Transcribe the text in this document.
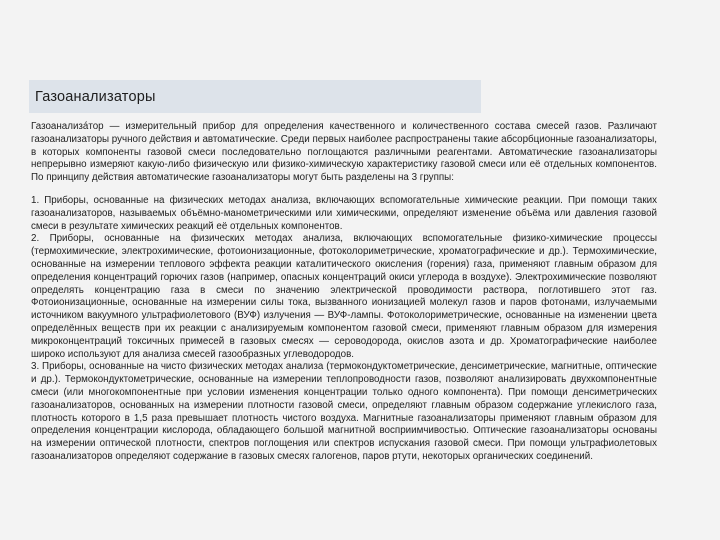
Газоанализаторы

Газоанализа́тор — измерительный прибор для определения качественного и количественного состава смесей газов. Различают газоанализаторы ручного действия и автоматические. Среди первых наиболее распространены такие абсорбционные газоанализаторы, в которых компоненты газовой смеси последовательно поглощаются различными реагентами. Автоматические газоанализаторы непрерывно измеряют какую-либо физическую или физико-химическую характеристику газовой смеси или её отдельных компонентов. По принципу действия автоматические газоанализаторы могут быть разделены на 3 группы:

1. Приборы, основанные на физических методах анализа, включающих вспомогательные химические реакции. При помощи таких газоанализаторов, называемых объёмно-манометрическими или химическими, определяют изменение объёма или давления газовой смеси в результате химических реакций её отдельных компонентов.

2. Приборы, основанные на физических методах анализа, включающих вспомогательные физико-химические процессы (термохимические, электрохимические, фотоионизационные, фотоколориметрические, хроматографические и др.). Термохимические, основанные на измерении теплового эффекта реакции каталитического окисления (горения) газа, применяют главным образом для определения концентраций горючих газов (например, опасных концентраций окиси углерода в воздухе). Электрохимические позволяют определять концентрацию газа в смеси по значению электрической проводимости раствора, поглотившего этот газ. Фотоионизационные, основанные на измерении силы тока, вызванного ионизацией молекул газов и паров фотонами, излучаемыми источником вакуумного ультрафиолетового (ВУФ) излучения — ВУФ-лампы. Фотоколориметрические, основанные на изменении цвета определённых веществ при их реакции с анализируемым компонентом газовой смеси, применяют главным образом для измерения микроконцентраций токсичных примесей в газовых смесях — сероводорода, окислов азота и др. Хроматографические наиболее широко используют для анализа смесей газообразных углеводородов.

3. Приборы, основанные на чисто физических методах анализа (термокондуктометрические, денсиметрические, магнитные, оптические и др.). Термокондуктометрические, основанные на измерении теплопроводности газов, позволяют анализировать двухкомпонентные смеси (или многокомпонентные при условии изменения концентрации только одного компонента). При помощи денсиметрических газоанализаторов, основанных на измерении плотности газовой смеси, определяют главным образом содержание углекислого газа, плотность которого в 1,5 раза превышает плотность чистого воздуха. Магнитные газоанализаторы применяют главным образом для определения концентрации кислорода, обладающего большой магнитной восприимчивостью. Оптические газоанализаторы основаны на измерении оптической плотности, спектров поглощения или спектров испускания газовой смеси. При помощи ультрафиолетовых газоанализаторов определяют содержание в газовых смесях галогенов, паров ртути, некоторых органических соединений.
